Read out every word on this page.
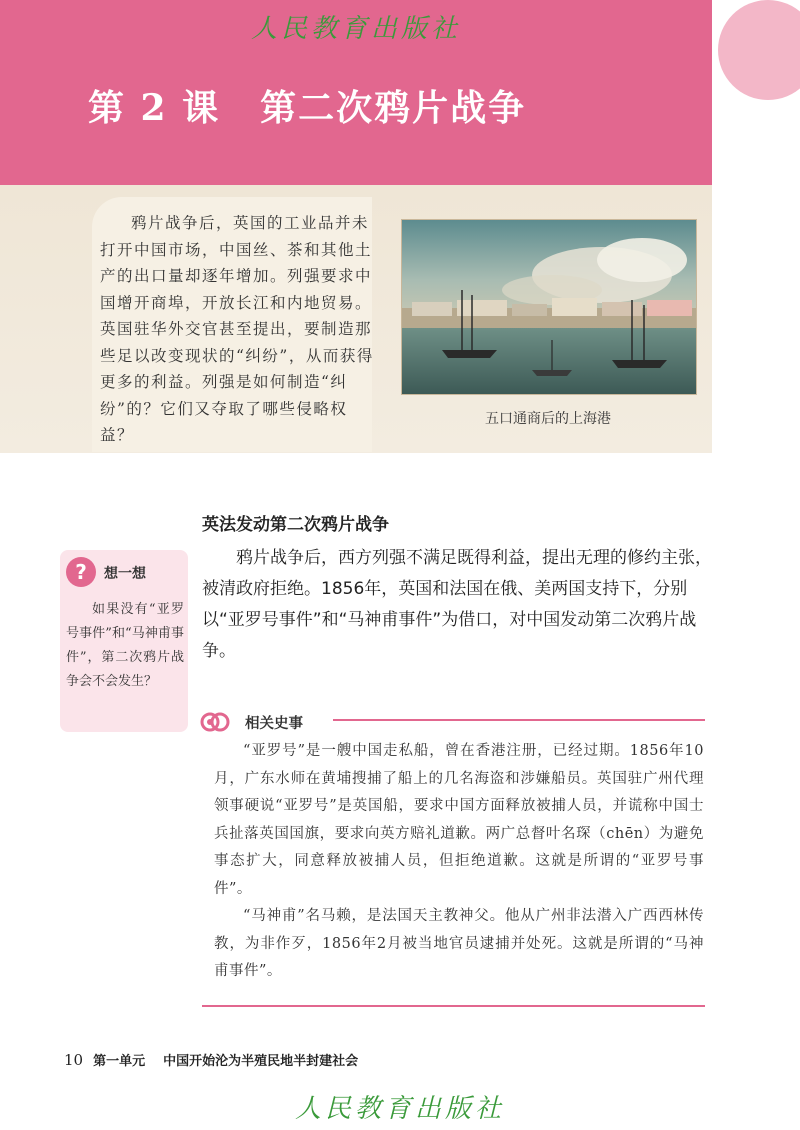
人民教育出版社
第 2 课 第二次鸦片战争

鸦片战争后，英国的工业品并未打开中国市场，中国丝、茶和其他土产的出口量却逐年增加。列强要求中国增开商埠，开放长江和内地贸易。英国驻华外交官甚至提出，要制造那些足以改变现状的“纠纷”，从而获得更多的利益。列强是如何制造“纠纷”的？它们又夺取了哪些侵略权益？

五口通商后的上海港
英法发动第二次鸦片战争
?	想一想

如果没有“亚罗号事件”和“马神甫事件”，第二次鸦片战争会不会发生？

鸦片战争后，西方列强不满足既得利益，提出无理的修约主张，被清政府拒绝。1856年，英国和法国在俄、美两国支持下，分别以“亚罗号事件”和“马神甫事件”为借口，对中国发动第二次鸦片战争。

相关史事

“亚罗号”是一艘中国走私船，曾在香港注册，已经过期。1856年10月，广东水师在黄埔搜捕了船上的几名海盗和涉嫌船员。英国驻广州代理领事硬说“亚罗号”是英国船，要求中国方面释放被捕人员，并谎称中国士兵扯落英国国旗，要求向英方赔礼道歉。两广总督叶名琛（chēn）为避免事态扩大，同意释放被捕人员，但拒绝道歉。这就是所谓的“亚罗号事件”。

“马神甫”名马赖，是法国天主教神父。他从广州非法潜入广西西林传教，为非作歹，1856年2月被当地官员逮捕并处死。这就是所谓的“马神甫事件”。

10 第一单元 中国开始沦为半殖民地半封建社会
人民教育出版社
